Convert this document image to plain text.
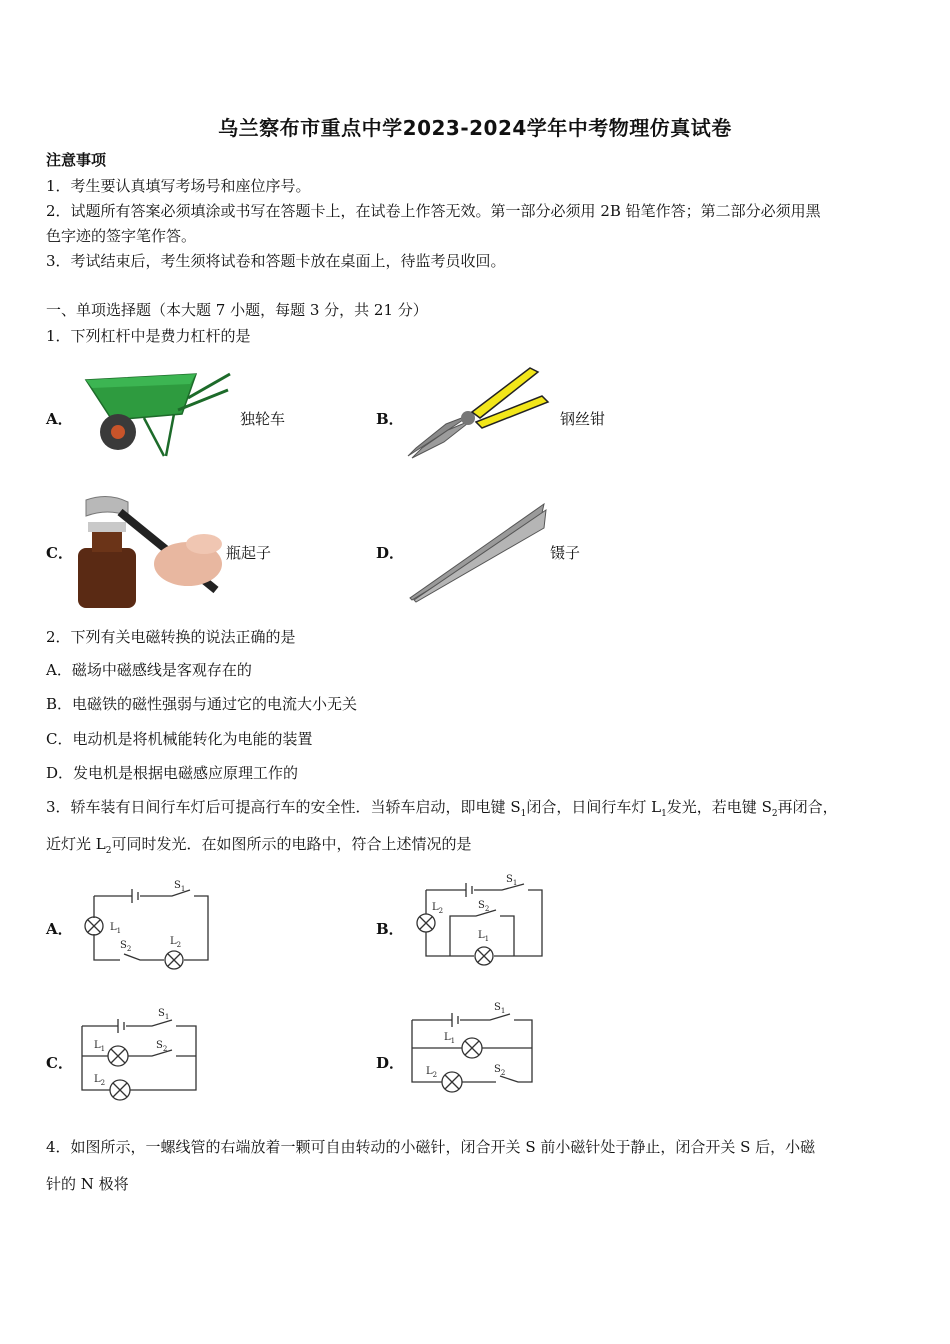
乌兰察布市重点中学2023-2024学年中考物理仿真试卷
注意事项
1．考生要认真填写考场号和座位序号。
2．试题所有答案必须填涂或书写在答题卡上，在试卷上作答无效。第一部分必须用 2B 铅笔作答；第二部分必须用黑
色字迹的签字笔作答。
3．考试结束后，考生须将试卷和答题卡放在桌面上，待监考员收回。
一、单项选择题（本大题 7 小题，每题 3 分，共 21 分）
1．下列杠杆中是费力杠杆的是
A．	独轮车	B．	钢丝钳
C．	瓶起子	D．	镊子
2．下列有关电磁转换的说法正确的是
A．磁场中磁感线是客观存在的
B．电磁铁的磁性强弱与通过它的电流大小无关
C．电动机是将机械能转化为电能的装置
D．发电机是根据电磁感应原理工作的
3．轿车装有日间行车灯后可提高行车的安全性．当轿车启动，即电键 $S_1$闭合，日间行车灯 $L_1$发光，若电键 $S_2$再闭合，
近灯光 $L_2$可同时发光．在如图所示的电路中，符合上述情况的是
A．
$S_1$
$L_1$
$S_2$
$L_2$
B．
$S_1$
$S_2$
$L_2$
$L_1$
C．
$S_1$
$L_1$	$S_2$
$L_2$
D．
$S_1$
$L_1$
$L_2$	$S_2$
4．如图所示，一螺线管的右端放着一颗可自由转动的小磁针，闭合开关 S 前小磁针处于静止，闭合开关 S 后，小磁
针的 N 极将
